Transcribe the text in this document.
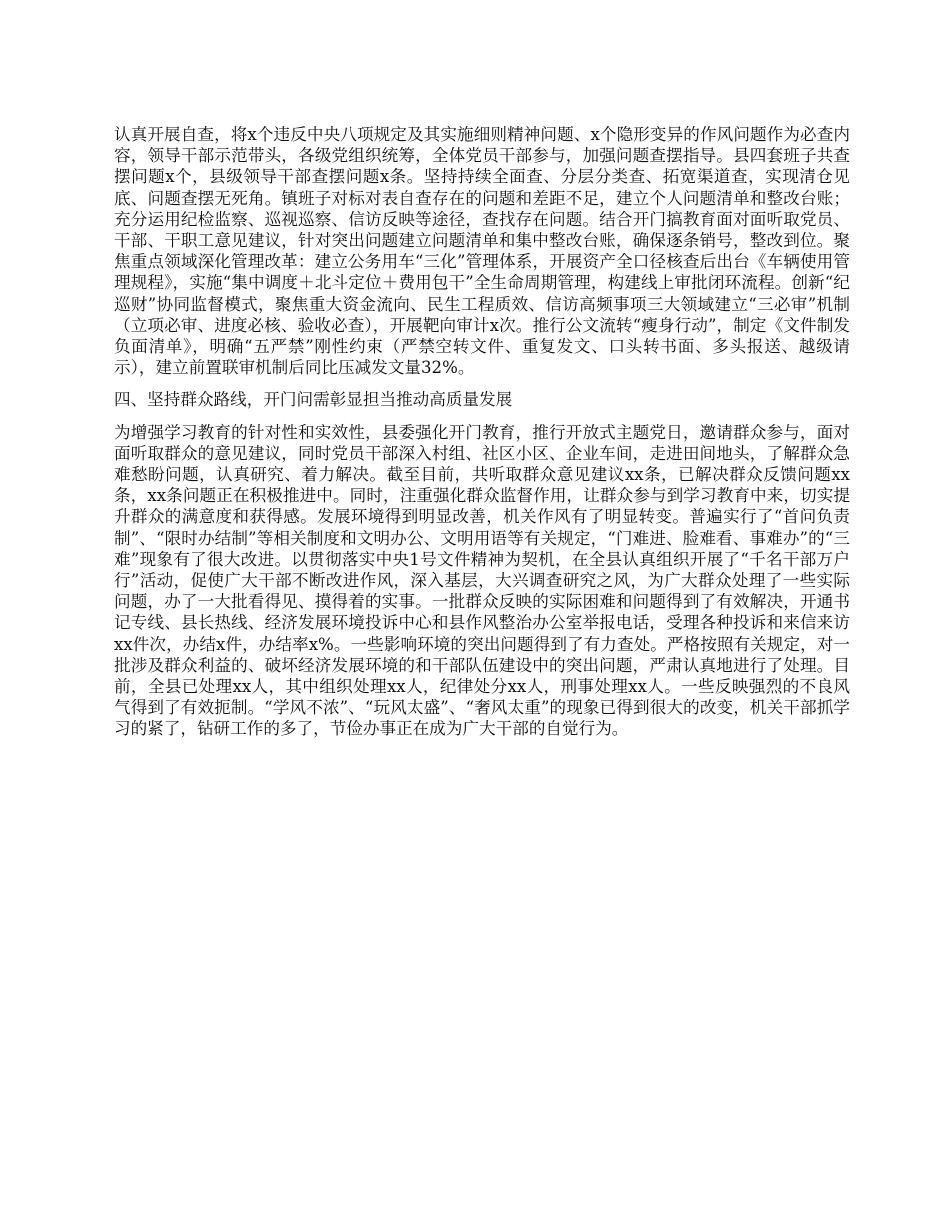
认真开展自查，将x个违反中央八项规定及其实施细则精神问题、x个隐形变异的作风问题作为必查内容，领导干部示范带头，各级党组织统筹，全体党员干部参与，加强问题查摆指导。县四套班子共查摆问题x个，县级领导干部查摆问题x条。坚持持续全面查、分层分类查、拓宽渠道查，实现清仓见底、问题查摆无死角。镇班子对标对表自查存在的问题和差距不足，建立个人问题清单和整改台账；充分运用纪检监察、巡视巡察、信访反映等途径，查找存在问题。结合开门搞教育面对面听取党员、干部、干职工意见建议，针对突出问题建立问题清单和集中整改台账，确保逐条销号，整改到位。聚焦重点领域深化管理改革：建立公务用车“三化”管理体系，开展资产全口径核查后出台《车辆使用管理规程》，实施“集中调度＋北斗定位＋费用包干”全生命周期管理，构建线上审批闭环流程。创新“纪巡财”协同监督模式，聚焦重大资金流向、民生工程质效、信访高频事项三大领域建立“三必审”机制（立项必审、进度必核、验收必查），开展靶向审计x次。推行公文流转“瘦身行动”，制定《文件制发负面清单》，明确“五严禁”刚性约束（严禁空转文件、重复发文、口头转书面、多头报送、越级请示），建立前置联审机制后同比压减发文量32%。

四、坚持群众路线，开门问需彰显担当推动高质量发展

为增强学习教育的针对性和实效性，县委强化开门教育，推行开放式主题党日，邀请群众参与，面对面听取群众的意见建议，同时党员干部深入村组、社区小区、企业车间，走进田间地头，了解群众急难愁盼问题，认真研究、着力解决。截至目前，共听取群众意见建议xx条，已解决群众反馈问题xx条，xx条问题正在积极推进中。同时，注重强化群众监督作用，让群众参与到学习教育中来，切实提升群众的满意度和获得感。发展环境得到明显改善，机关作风有了明显转变。普遍实行了“首问负责制”、“限时办结制”等相关制度和文明办公、文明用语等有关规定，“门难进、脸难看、事难办”的“三难”现象有了很大改进。以贯彻落实中央1号文件精神为契机，在全县认真组织开展了“千名干部万户行”活动，促使广大干部不断改进作风，深入基层，大兴调查研究之风，为广大群众处理了一些实际问题，办了一大批看得见、摸得着的实事。一批群众反映的实际困难和问题得到了有效解决，开通书记专线、县长热线、经济发展环境投诉中心和县作风整治办公室举报电话，受理各种投诉和来信来访xx件次，办结x件，办结率x%。一些影响环境的突出问题得到了有力查处。严格按照有关规定，对一批涉及群众利益的、破坏经济发展环境的和干部队伍建设中的突出问题，严肃认真地进行了处理。目前，全县已处理xx人，其中组织处理xx人，纪律处分xx人，刑事处理xx人。一些反映强烈的不良风气得到了有效扼制。“学风不浓”、“玩风太盛”、“奢风太重”的现象已得到很大的改变，机关干部抓学习的紧了，钻研工作的多了，节俭办事正在成为广大干部的自觉行为。
